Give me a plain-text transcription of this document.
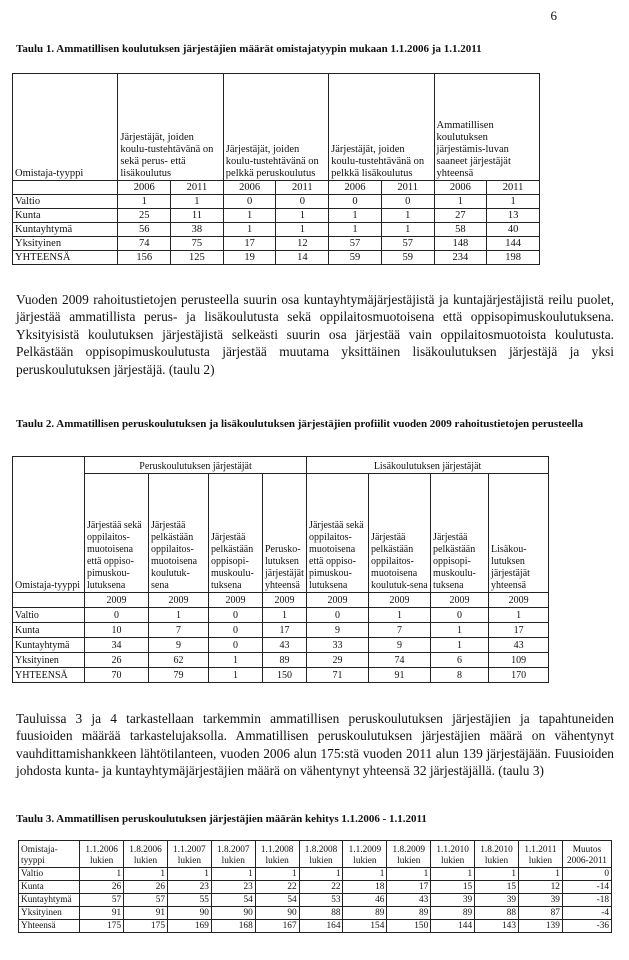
6

Taulu 1. Ammatillisen koulutuksen järjestäjien määrät omistajatyypin mukaan 1.1.2006 ja 1.1.2011

Omistaja-tyyppi	Järjestäjät, joiden koulu-tustehtävänä on sekä perus- että lisäkoulutus		Järjestäjät, joiden koulu-tustehtävänä on pelkkä peruskoulutus		Järjestäjät, joiden koulu-tustehtävänä on pelkkä lisäkoulutus		Ammatillisen koulutuksen järjestämis-luvan saaneet järjestäjät yhteensä	
	2006	2011	2006	2011	2006	2011	2006	2011
Valtio	1	1	0	0	0	0	1	1
Kunta	25	11	1	1	1	1	27	13
Kuntayhtymä	56	38	1	1	1	1	58	40
Yksityinen	74	75	17	12	57	57	148	144
YHTEENSÄ	156	125	19	14	59	59	234	198

Vuoden 2009 rahoitustietojen perusteella suurin osa kuntayhtymäjärjestäjistä ja kuntajärjestäjistä reilu puolet, järjestää ammatillista perus- ja lisäkoulutusta sekä oppilaitosmuotoisena että oppisopimuskoulutuksena. Yksityisistä koulutuksen järjestäjistä selkeästi suurin osa järjestää vain oppilaitosmuotoista koulutusta. Pelkästään oppisopimuskoulutusta järjestää muutama yksittäinen lisäkoulutuksen järjestäjä ja yksi peruskoulutuksen järjestäjä. (taulu 2)

Taulu 2. Ammatillisen peruskoulutuksen ja lisäkoulutuksen järjestäjien profiilit vuoden 2009 rahoitustietojen perusteella

	Peruskoulutuksen järjestäjät				Lisäkoulutuksen järjestäjät			
Omistaja-tyyppi	Järjestää sekä oppilaitos-muotoisena että oppiso-pimuskou-lutuksena	Järjestää pelkästään oppilaitos-muotoisena koulutuk-sena	Järjestää pelkästään oppisopi-muskoulu-tuksena	Perusko-lutuksen järjestäjät yhteensä	Järjestää sekä oppilaitos-muotoisena että oppiso-pimuskou-lutuksena	Järjestää pelkästään oppilaitos-muotoisena koulutuk-sena	Järjestää pelkästään oppisopi-muskoulu-tuksena	Lisäkou-lutuksen järjestäjät yhteensä
	2009	2009	2009	2009	2009	2009	2009	2009
Valtio	0	1	0	1	0	1	0	1
Kunta	10	7	0	17	9	7	1	17
Kuntayhtymä	34	9	0	43	33	9	1	43
Yksityinen	26	62	1	89	29	74	6	109
YHTEENSÄ	70	79	1	150	71	91	8	170

Tauluissa 3 ja 4 tarkastellaan tarkemmin ammatillisen peruskoulutuksen järjestäjien ja tapahtuneiden fuusioiden määrää tarkastelujaksolla. Ammatillisen peruskoulutuksen järjestäjien määrä on vähentynyt vauhdittamishankkeen lähtötilanteen, vuoden 2006 alun 175:stä vuoden 2011 alun 139 järjestäjään. Fuusioiden johdosta kunta- ja kuntayhtymäjärjestäjien määrä on vähentynyt yhteensä 32 järjestäjällä. (taulu 3)

Taulu 3. Ammatillisen peruskoulutuksen järjestäjien määrän kehitys 1.1.2006 - 1.1.2011

Omistaja-tyyppi	1.1.2006 lukien	1.8.2006 lukien	1.1.2007 lukien	1.8.2007 lukien	1.1.2008 lukien	1.8.2008 lukien	1.1.2009 lukien	1.8.2009 lukien	1.1.2010 lukien	1.8.2010 lukien	1.1.2011 lukien	Muutos 2006-2011
Valtio	1	1	1	1	1	1	1	1	1	1	1	0
Kunta	26	26	23	23	22	22	18	17	15	15	12	-14
Kuntayhtymä	57	57	55	54	54	53	46	43	39	39	39	-18
Yksityinen	91	91	90	90	90	88	89	89	89	88	87	-4
Yhteensä	175	175	169	168	167	164	154	150	144	143	139	-36
